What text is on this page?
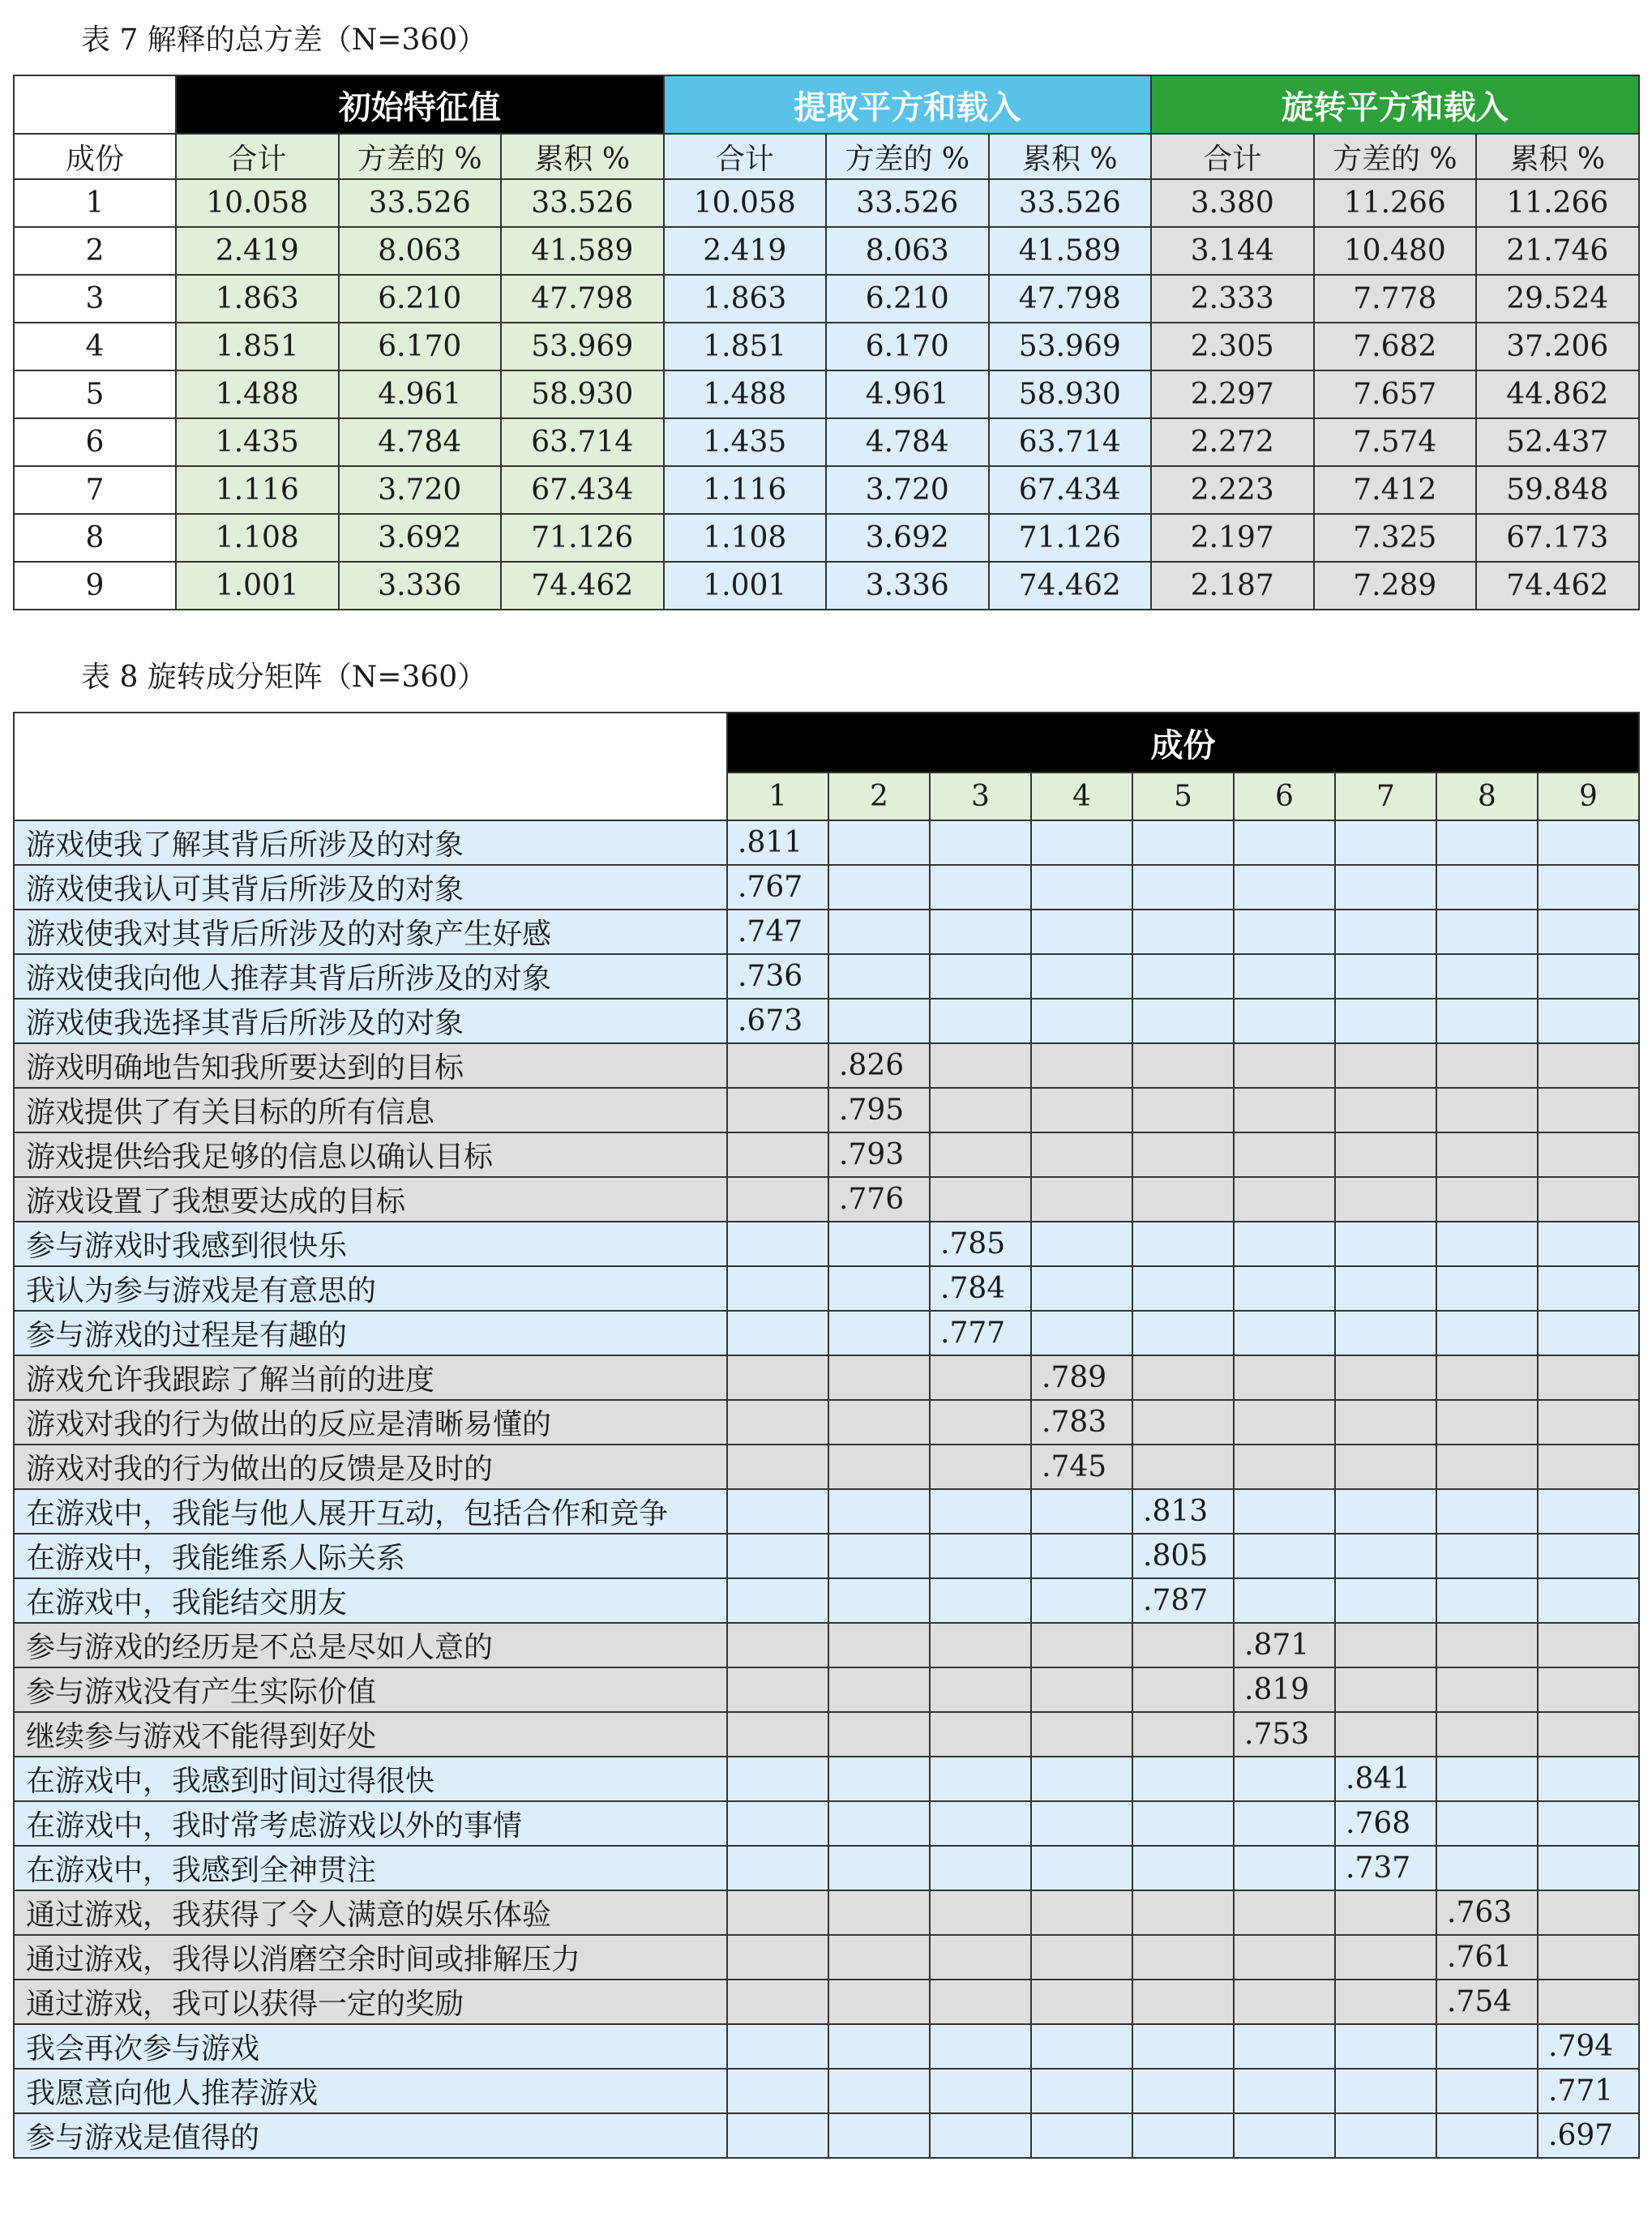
表 7 解释的总方差（N=360）
	初始特征值			提取平方和载入			旋转平方和载入		
成份	合计	方差的 %	累积 %	合计	方差的 %	累积 %	合计	方差的 %	累积 %
1	10.058	33.526	33.526	10.058	33.526	33.526	3.380	11.266	11.266
2	2.419	8.063	41.589	2.419	8.063	41.589	3.144	10.480	21.746
3	1.863	6.210	47.798	1.863	6.210	47.798	2.333	7.778	29.524
4	1.851	6.170	53.969	1.851	6.170	53.969	2.305	7.682	37.206
5	1.488	4.961	58.930	1.488	4.961	58.930	2.297	7.657	44.862
6	1.435	4.784	63.714	1.435	4.784	63.714	2.272	7.574	52.437
7	1.116	3.720	67.434	1.116	3.720	67.434	2.223	7.412	59.848
8	1.108	3.692	71.126	1.108	3.692	71.126	2.197	7.325	67.173
9	1.001	3.336	74.462	1.001	3.336	74.462	2.187	7.289	74.462
表 8 旋转成分矩阵（N=360）
	成份								
	1	2	3	4	5	6	7	8	9
游戏使我了解其背后所涉及的对象	.811								
游戏使我认可其背后所涉及的对象	.767								
游戏使我对其背后所涉及的对象产生好感	.747								
游戏使我向他人推荐其背后所涉及的对象	.736								
游戏使我选择其背后所涉及的对象	.673								
游戏明确地告知我所要达到的目标		.826							
游戏提供了有关目标的所有信息		.795							
游戏提供给我足够的信息以确认目标		.793							
游戏设置了我想要达成的目标		.776							
参与游戏时我感到很快乐			.785						
我认为参与游戏是有意思的			.784						
参与游戏的过程是有趣的			.777						
游戏允许我跟踪了解当前的进度				.789					
游戏对我的行为做出的反应是清晰易懂的				.783					
游戏对我的行为做出的反馈是及时的				.745					
在游戏中，我能与他人展开互动，包括合作和竞争					.813				
在游戏中，我能维系人际关系					.805				
在游戏中，我能结交朋友					.787				
参与游戏的经历是不总是尽如人意的						.871			
参与游戏没有产生实际价值						.819			
继续参与游戏不能得到好处						.753			
在游戏中，我感到时间过得很快							.841		
在游戏中，我时常考虑游戏以外的事情							.768		
在游戏中，我感到全神贯注							.737		
通过游戏，我获得了令人满意的娱乐体验								.763	
通过游戏，我得以消磨空余时间或排解压力								.761	
通过游戏，我可以获得一定的奖励								.754	
我会再次参与游戏									.794
我愿意向他人推荐游戏									.771
参与游戏是值得的									.697
